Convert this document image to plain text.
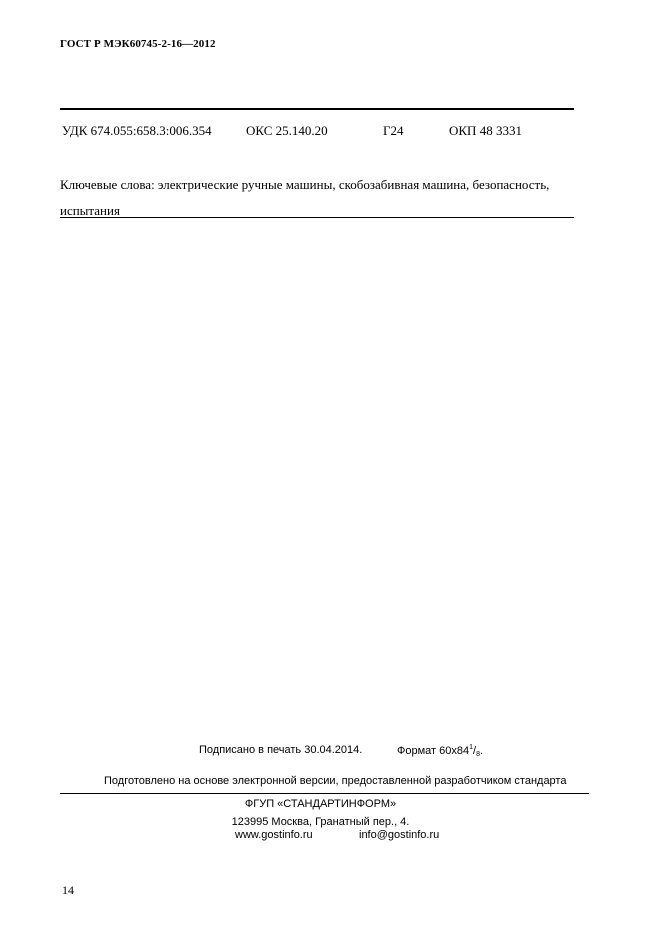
ГОСТ Р МЭК60745-2-16—2012
УДК 674.055:658.3:006.354	ОКС 25.140.20	Г24	ОКП 48 3331
Ключевые слова: электрические ручные машины, скобозабивная машина, безопасность, испытания
Подписано в печать 30.04.2014.	Формат $60x84^1/_8$.
Подготовлено на основе электронной версии, предоставленной разработчиком стандарта
ФГУП «СТАНДАРТИНФОРМ»
123995 Москва, Гранатный пер., 4.
www.gostinfo.ru	info@gostinfo.ru
14
